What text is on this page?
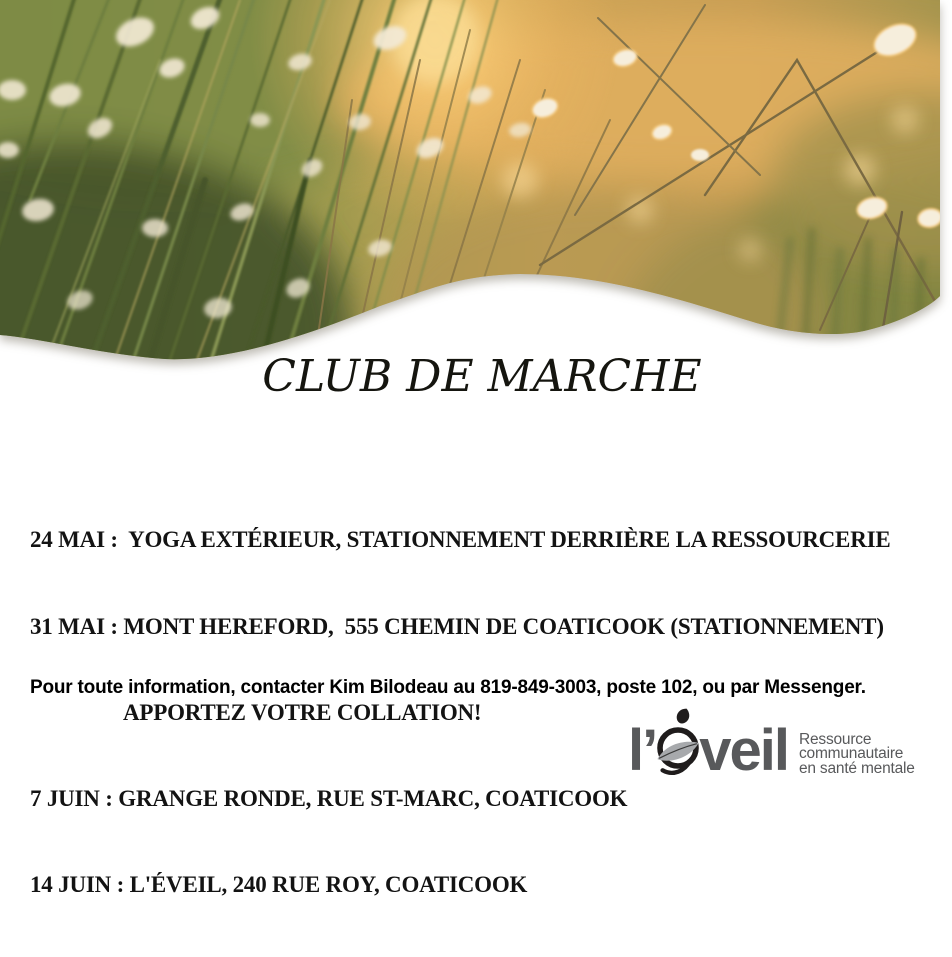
CLUB DE MARCHE

24 MAI :  YOGA EXTÉRIEUR, STATIONNEMENT DERRIÈRE LA RESSOURCERIE

31 MAI : MONT HEREFORD,  555 CHEMIN DE COATICOOK (STATIONNEMENT)

APPORTEZ VOTRE COLLATION!

7 JUIN : GRANGE RONDE, RUE ST-MARC, COATICOOK

14 JUIN : L'ÉVEIL, 240 RUE ROY, COATICOOK

Pour toute information, contacter Kim Bilodeau au 819-849-3003, poste 102, ou par Messenger.
l’ veil Ressource
communautaire
en santé mentale
